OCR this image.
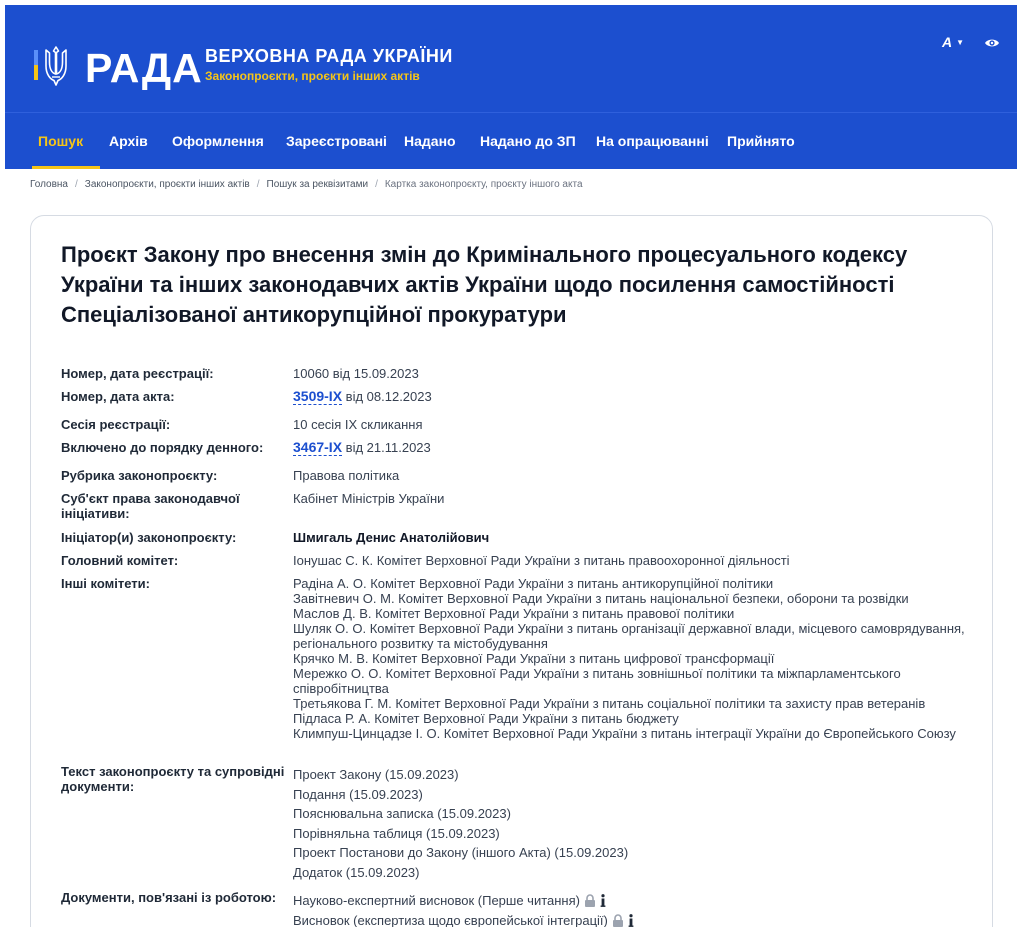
РАДА ВЕРХОВНА РАДА УКРАЇНИ
Законопроєкти, проєкти інших актів
A ▼
Пошук Архів Оформлення Зареєстровані Надано Надано до ЗП На опрацюванні Прийнято
Головна / Законопроєкти, проєкти інших актів / Пошук за реквізитами / Картка законопроєкту, проєкту іншого акта
Проєкт Закону про внесення змін до Кримінального процесуального кодексу України та інших законодавчих актів України щодо посилення самостійності Спеціалізованої антикорупційної прокуратури
Номер, дата реєстрації:	10060 від 15.09.2023
Номер, дата акта:	3509-IX від 08.12.2023
Сесія реєстрації:	10 сесія IX скликання
Включено до порядку денного:	3467-IX від 21.11.2023
Рубрика законопроєкту:	Правова політика
Суб'єкт права законодавчої ініціативи:
Кабінет Міністрів України
Ініціатор(и) законопроєкту:	Шмигаль Денис Анатолійович
Головний комітет:	Іонушас С. К. Комітет Верховної Ради України з питань правоохоронної діяльності
Інші комітети:	Радіна А. О. Комітет Верховної Ради України з питань антикорупційної політики
Завітневич О. М. Комітет Верховної Ради України з питань національної безпеки, оборони та розвідки
Маслов Д. В. Комітет Верховної Ради України з питань правової політики
Шуляк О. О. Комітет Верховної Ради України з питань організації державної влади, місцевого самоврядування, регіонального розвитку та містобудування
Крячко М. В. Комітет Верховної Ради України з питань цифрової трансформації
Мережко О. О. Комітет Верховної Ради України з питань зовнішньої політики та міжпарламентського співробітництва
Третьякова Г. М. Комітет Верховної Ради України з питань соціальної політики та захисту прав ветеранів
Підласа Р. А. Комітет Верховної Ради України з питань бюджету
Климпуш-Цинцадзе І. О. Комітет Верховної Ради України з питань інтеграції України до Європейського Союзу
Текст законопроєкту та супровідні документи:
Проект Закону (15.09.2023)
Подання (15.09.2023)
Пояснювальна записка (15.09.2023)
Порівняльна таблиця (15.09.2023)
Проект Постанови до Закону (іншого Акта) (15.09.2023)
Додаток (15.09.2023)
Документи, пов'язані із роботою:	Науково-експертний висновок (Перше читання)
Висновок (експертиза щодо європейської інтеграції)
